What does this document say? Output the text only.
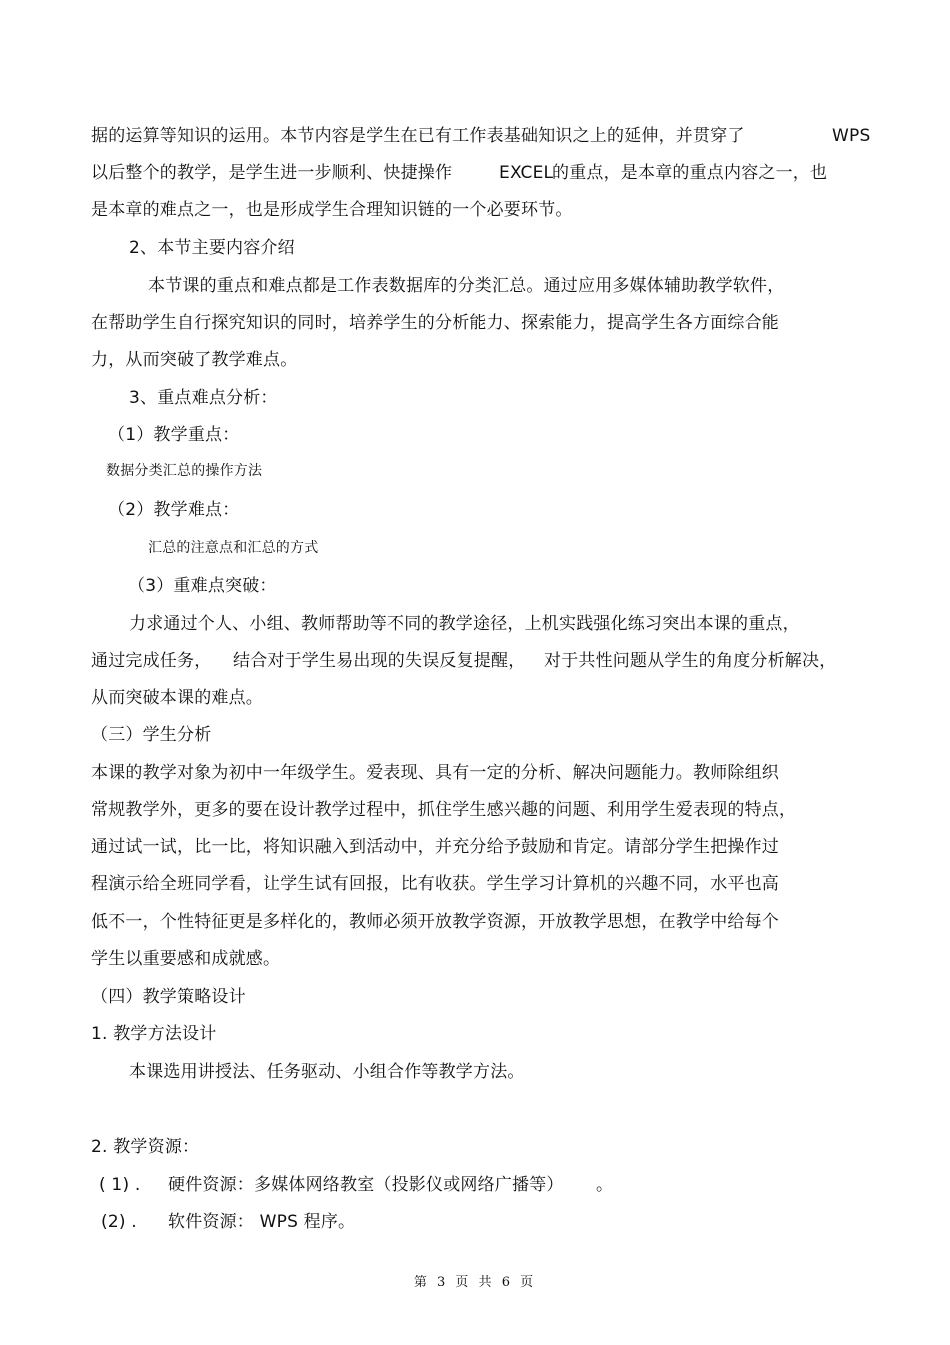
据的运算等知识的运用。本节内容是学生在已有工作表基础知识之上的延伸，并贯穿了	WPS
以后整个的教学，是学生进一步顺利、快捷操作	EXCEL
的重点，是本章的重点内容之一，也
是本章的难点之一，也是形成学生合理知识链的一个必要环节。
2、本节主要内容介绍
本节课的重点和难点都是工作表数据库的分类汇总。通过应用多媒体辅助教学软件，
在帮助学生自行探究知识的同时，培养学生的分析能力、探索能力，提高学生各方面综合能
力，从而突破了教学难点。
3、重点难点分析：
（1）教学重点：
数据分类汇总的操作方法
（2）教学难点：
汇总的注意点和汇总的方式
（3）重难点突破：
力求通过个人、小组、教师帮助等不同的教学途径，上机实践强化练习突出本课的重点，
通过完成任务， 结合对于学生易出现的失误反复提醒， 对于共性问题从学生的角度分析解决，
从而突破本课的难点。
（三）学生分析
本课的教学对象为初中一年级学生。爱表现、具有一定的分析、解决问题能力。教师除组织
常规教学外，更多的要在设计教学过程中，抓住学生感兴趣的问题、利用学生爱表现的特点，
通过试一试，比一比，将知识融入到活动中，并充分给予鼓励和肯定。请部分学生把操作过
程演示给全班同学看，让学生试有回报，比有收获。学生学习计算机的兴趣不同，水平也高
低不一，个性特征更是多样化的，教师必须开放教学资源，开放教学思想，在教学中给每个
学生以重要感和成就感。
（四）教学策略设计
1. 教学方法设计
本课选用讲授法、任务驱动、小组合作等教学方法。
2. 教学资源：
( 1) . 硬件资源：多媒体网络教室（投影仪或网络广播等） 。
(2) . 软件资源： WPS 程序。
第 3 页 共 6 页
